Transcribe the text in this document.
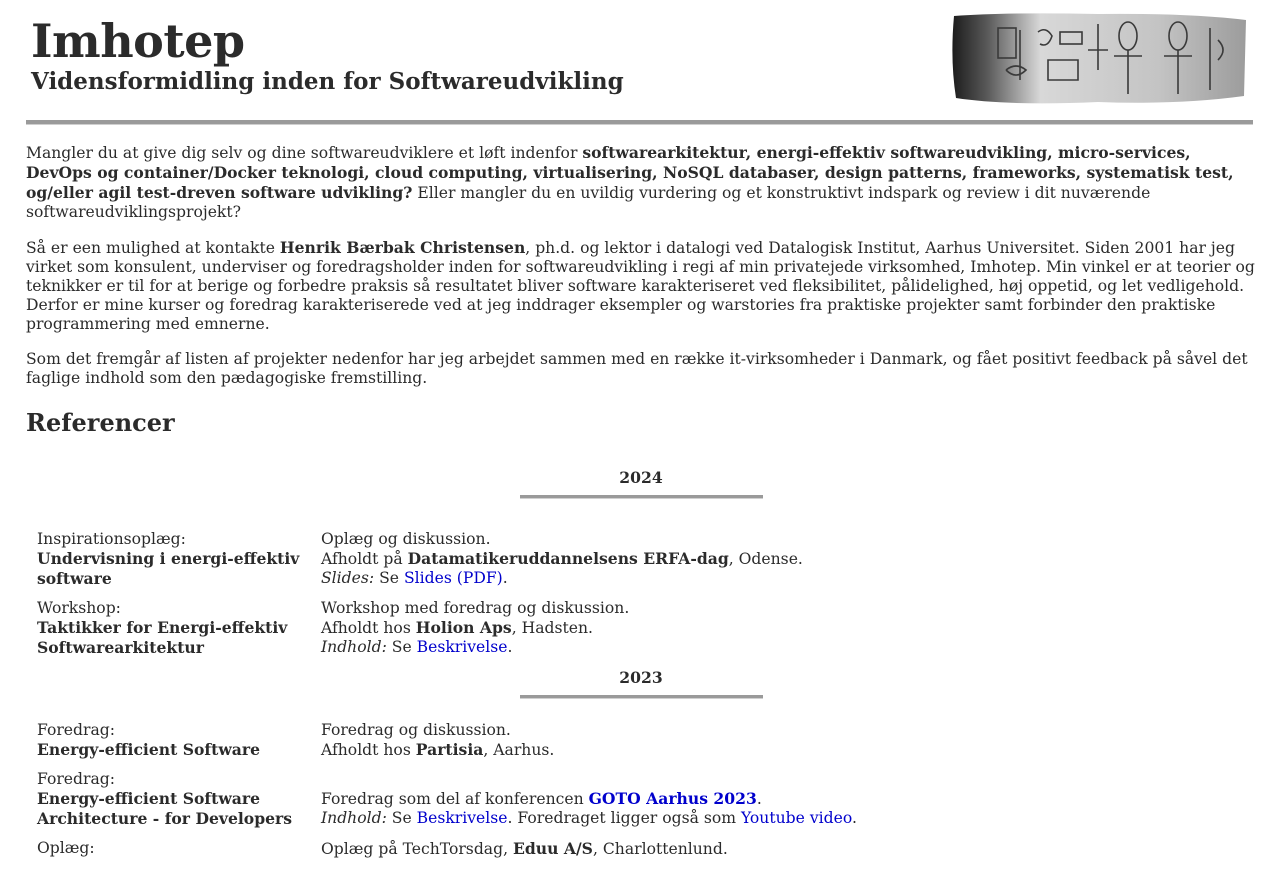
Imhotep
Vidensformidling inden for Softwareudvikling

Mangler du at give dig selv og dine softwareudviklere et løft indenfor softwarearkitektur, energi-effektiv softwareudvikling, micro-services, DevOps og container/Docker teknologi, cloud computing, virtualisering, NoSQL databaser, design patterns, frameworks, systematisk test, og/eller agil test-dreven software udvikling? Eller mangler du en uvildig vurdering og et konstruktivt indspark og review i dit nuværende softwareudviklingsprojekt?

Så er een mulighed at kontakte Henrik Bærbak Christensen, ph.d. og lektor i datalogi ved Datalogisk Institut, Aarhus Universitet. Siden 2001 har jeg virket som konsulent, underviser og foredragsholder inden for softwareudvikling i regi af min privatejede virksomhed, Imhotep. Min vinkel er at teorier og teknikker er til for at berige og forbedre praksis så resultatet bliver software karakteriseret ved fleksibilitet, pålidelighed, høj oppetid, og let vedligehold. Derfor er mine kurser og foredrag karakteriserede ved at jeg inddrager eksempler og warstories fra praktiske projekter samt forbinder den praktiske programmering med emnerne.

Som det fremgår af listen af projekter nedenfor har jeg arbejdet sammen med en række it-virksomheder i Danmark, og fået positivt feedback på såvel det faglige indhold som den pædagogiske fremstilling.

Referencer
2024
Inspirationsoplæg:
Undervisning i energi-effektiv software
Oplæg og diskussion.
Afholdt på Datamatikeruddannelsens ERFA-dag, Odense.
Slides: Se Slides (PDF).
Workshop:
Taktikker for Energi-effektiv Softwarearkitektur
Workshop med foredrag og diskussion.
Afholdt hos Holion Aps, Hadsten.
Indhold: Se Beskrivelse.
2023
Foredrag:
Energy-efficient Software
Foredrag og diskussion.
Afholdt hos Partisia, Aarhus.
Foredrag:
Energy-efficient Software Architecture - for Developers
Foredrag som del af konferencen GOTO Aarhus 2023.
Indhold: Se Beskrivelse. Foredraget ligger også som Youtube video.
Oplæg:	Oplæg på TechTorsdag, Eduu A/S, Charlottenlund.
